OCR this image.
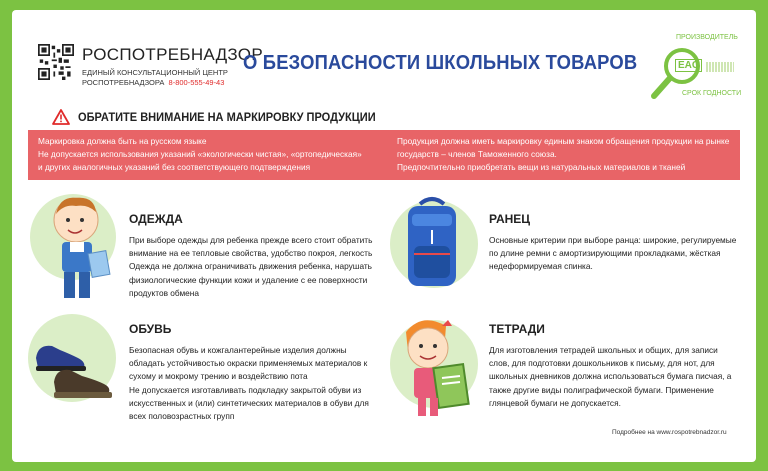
РОСПОТРЕБНАДЗОР
ЕДИНЫЙ КОНСУЛЬТАЦИОННЫЙ ЦЕНТР
РОСПОТРЕБНАДЗОРА 8-800-555-49-43
О БЕЗОПАСНОСТИ ШКОЛЬНЫХ ТОВАРОВ
ПРОИЗВОДИТЕЛЬ
EAC
СРОК ГОДНОСТИ
ОБРАТИТЕ ВНИМАНИЕ НА МАРКИРОВКУ ПРОДУКЦИИ
Маркировка должна быть на русском языке
Не допускается использования указаний «экологически чистая», «ортопедическая»
и других аналогичных указаний без соответствующего подтверждения
Продукция должна иметь маркировку единым знаком обращения продукции на рынке
государств – членов Таможенного союза.
Предпочтительно приобретать вещи из натуральных материалов и тканей
ОДЕЖДА
При выборе одежды для ребенка прежде всего стоит обратить
внимание на ее тепловые свойства, удобство покроя, легкость
Одежда не должна ограничивать движения ребенка, нарушать
физиологические функции кожи и удаление с ее поверхности
продуктов обмена
РАНЕЦ
Основные критерии при выборе ранца: широкие, регулируемые
по длине ремни с амортизирующими прокладками, жёсткая
недеформируемая спинка.
ОБУВЬ
Безопасная обувь и кожгалантерейные изделия должны
обладать устойчивостью окраски применяемых материалов к
сухому и мокрому трению и воздействию пота
Не допускается изготавливать подкладку закрытой обуви из
искусственных и (или) синтетических материалов в обуви для
всех половозрастных групп
ТЕТРАДИ
Для изготовления тетрадей школьных и общих, для записи
слов, для подготовки дошкольников к письму, для нот, для
школьных дневников должна использоваться бумага писчая, а
также другие виды полиграфической бумаги. Применение
глянцевой бумаги не допускается.
Подробнее на www.rospotrebnadzor.ru
